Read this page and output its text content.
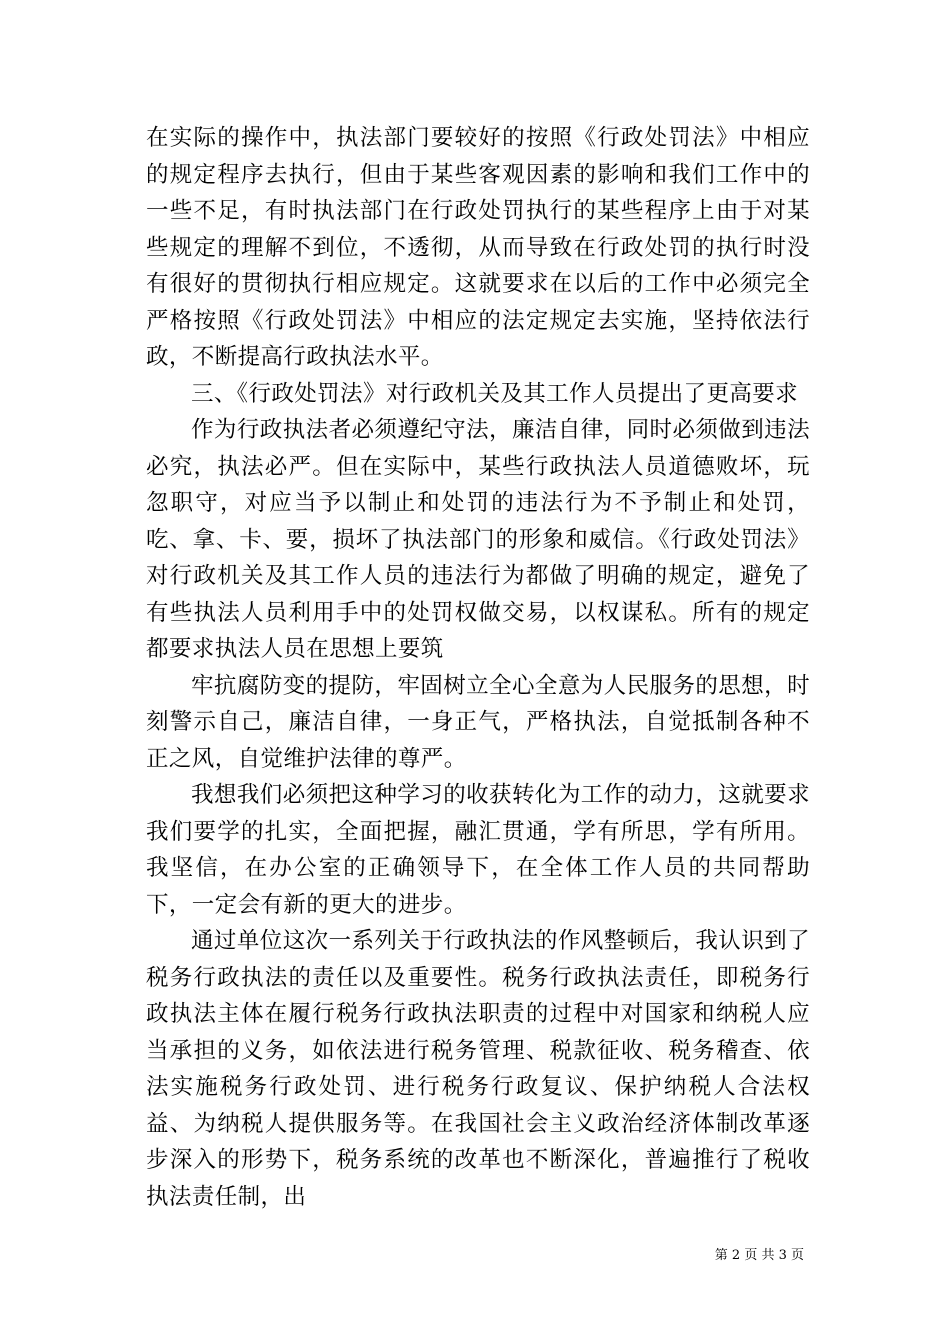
在实际的操作中，执法部门要较好的按照《行政处罚法》中相应的规定程序去执行，但由于某些客观因素的影响和我们工作中的一些不足，有时执法部门在行政处罚执行的某些程序上由于对某些规定的理解不到位，不透彻，从而导致在行政处罚的执行时没有很好的贯彻执行相应规定。这就要求在以后的工作中必须完全严格按照《行政处罚法》中相应的法定规定去实施，坚持依法行政，不断提高行政执法水平。

三、《行政处罚法》对行政机关及其工作人员提出了更高要求

作为行政执法者必须遵纪守法，廉洁自律，同时必须做到违法必究，执法必严。但在实际中，某些行政执法人员道德败坏，玩忽职守，对应当予以制止和处罚的违法行为不予制止和处罚，吃、拿、卡、要，损坏了执法部门的形象和威信。《行政处罚法》对行政机关及其工作人员的违法行为都做了明确的规定，避免了有些执法人员利用手中的处罚权做交易，以权谋私。所有的规定都要求执法人员在思想上要筑

牢抗腐防变的提防，牢固树立全心全意为人民服务的思想，时刻警示自己，廉洁自律，一身正气，严格执法，自觉抵制各种不正之风，自觉维护法律的尊严。

我想我们必须把这种学习的收获转化为工作的动力，这就要求我们要学的扎实，全面把握，融汇贯通，学有所思，学有所用。我坚信，在办公室的正确领导下，在全体工作人员的共同帮助下，一定会有新的更大的进步。

通过单位这次一系列关于行政执法的作风整顿后，我认识到了税务行政执法的责任以及重要性。税务行政执法责任，即税务行政执法主体在履行税务行政执法职责的过程中对国家和纳税人应当承担的义务，如依法进行税务管理、税款征收、税务稽查、依法实施税务行政处罚、进行税务行政复议、保护纳税人合法权益、为纳税人提供服务等。在我国社会主义政治经济体制改革逐步深入的形势下，税务系统的改革也不断深化，普遍推行了税收执法责任制，出

第 2 页 共 3 页
